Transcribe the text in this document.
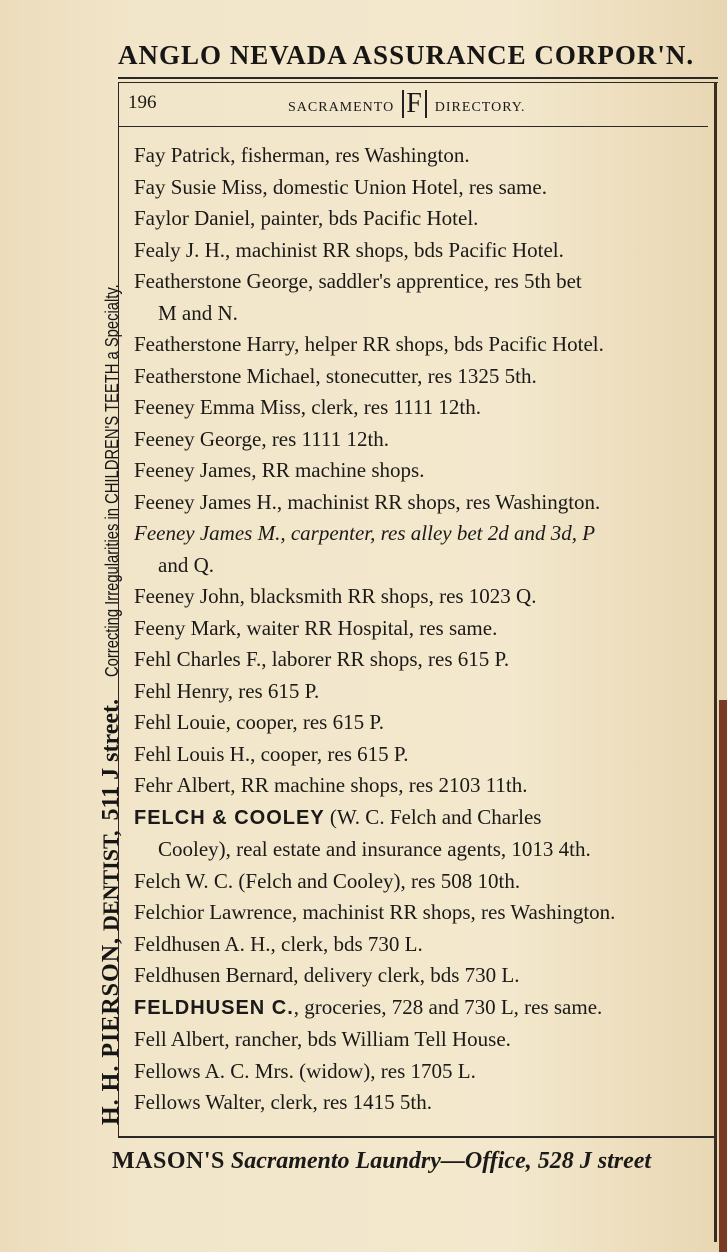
ANGLO NEVADA ASSURANCE CORPOR'N.
196	SACRAMENTO F DIRECTORY.
H. H. PIERSON,
DENTIST,
511 J street.
Correcting Irregularities in CHILDREN'S TEETH a Specialty.
Fay Patrick, fisherman, res Washington.
Fay Susie Miss, domestic Union Hotel, res same.
Faylor Daniel, painter, bds Pacific Hotel.
Fealy J. H., machinist RR shops, bds Pacific Hotel.
Featherstone George, saddler's apprentice, res 5th bet
M and N.
Featherstone Harry, helper RR shops, bds Pacific Hotel.
Featherstone Michael, stonecutter, res 1325 5th.
Feeney Emma Miss, clerk, res 1111 12th.
Feeney George, res 1111 12th.
Feeney James, RR machine shops.
Feeney James H., machinist RR shops, res Washington.
Feeney James M., carpenter, res alley bet 2d and 3d, P
and Q.
Feeney John, blacksmith RR shops, res 1023 Q.
Feeny Mark, waiter RR Hospital, res same.
Fehl Charles F., laborer RR shops, res 615 P.
Fehl Henry, res 615 P.
Fehl Louie, cooper, res 615 P.
Fehl Louis H., cooper, res 615 P.
Fehr Albert, RR machine shops, res 2103 11th.
FELCH & COOLEY (W. C. Felch and Charles
Cooley), real estate and insurance agents, 1013 4th.
Felch W. C. (Felch and Cooley), res 508 10th.
Felchior Lawrence, machinist RR shops, res Washington.
Feldhusen A. H., clerk, bds 730 L.
Feldhusen Bernard, delivery clerk, bds 730 L.
FELDHUSEN C., groceries, 728 and 730 L, res same.
Fell Albert, rancher, bds William Tell House.
Fellows A. C. Mrs. (widow), res 1705 L.
Fellows Walter, clerk, res 1415 5th.
MASON'S Sacramento Laundry—Office, 528 J street
